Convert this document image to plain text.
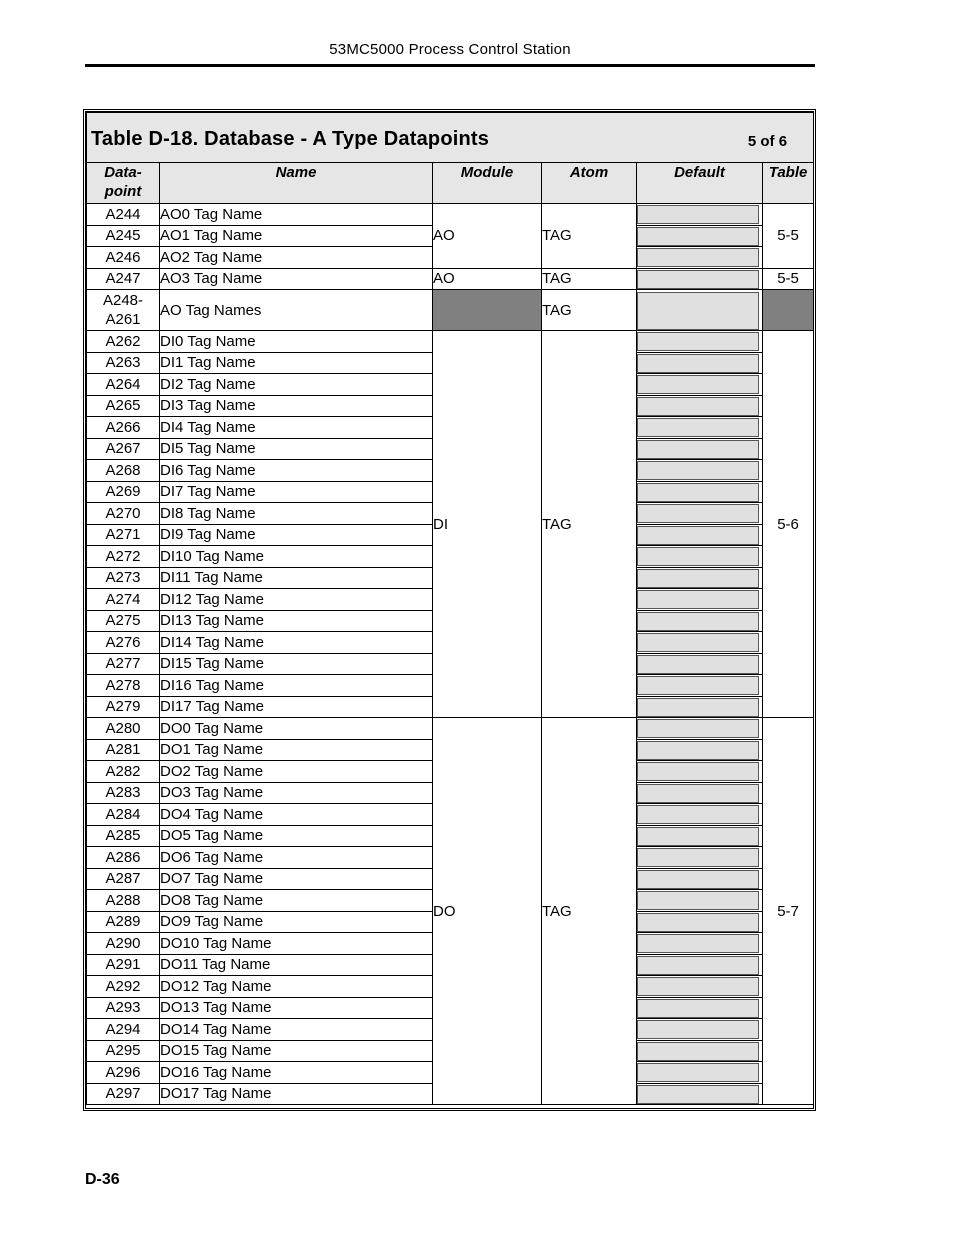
53MC5000 Process Control Station
Table D-18. Database - A Type Datapoints 5 of 6					

Data-
point	Name	Module	Atom	Default	Table
A244	AO0 Tag Name	AO	TAG		5-5
A245	AO1 Tag Name				

A246	AO2 Tag Name				

A247	AO3 Tag Name	AO	TAG		5-5
A248-
A261	AO Tag Names		TAG	

A262	DI0 Tag Name	DI	TAG		5-6
A263	DI1 Tag Name				

A264	DI2 Tag Name				

A265	DI3 Tag Name				

A266	DI4 Tag Name				

A267	DI5 Tag Name				

A268	DI6 Tag Name				

A269	DI7 Tag Name				

A270	DI8 Tag Name				

A271	DI9 Tag Name				

A272	DI10 Tag Name				

A273	DI11 Tag Name				

A274	DI12 Tag Name				

A275	DI13 Tag Name				

A276	DI14 Tag Name				

A277	DI15 Tag Name				

A278	DI16 Tag Name				

A279	DI17 Tag Name				

A280	DO0 Tag Name	DO	TAG		5-7
A281	DO1 Tag Name				

A282	DO2 Tag Name				

A283	DO3 Tag Name				

A284	DO4 Tag Name				

A285	DO5 Tag Name				

A286	DO6 Tag Name				

A287	DO7 Tag Name				

A288	DO8 Tag Name				

A289	DO9 Tag Name				

A290	DO10 Tag Name				

A291	DO11 Tag Name				

A292	DO12 Tag Name				

A293	DO13 Tag Name				

A294	DO14 Tag Name				

A295	DO15 Tag Name				

A296	DO16 Tag Name				

A297	DO17 Tag Name				
D-36
